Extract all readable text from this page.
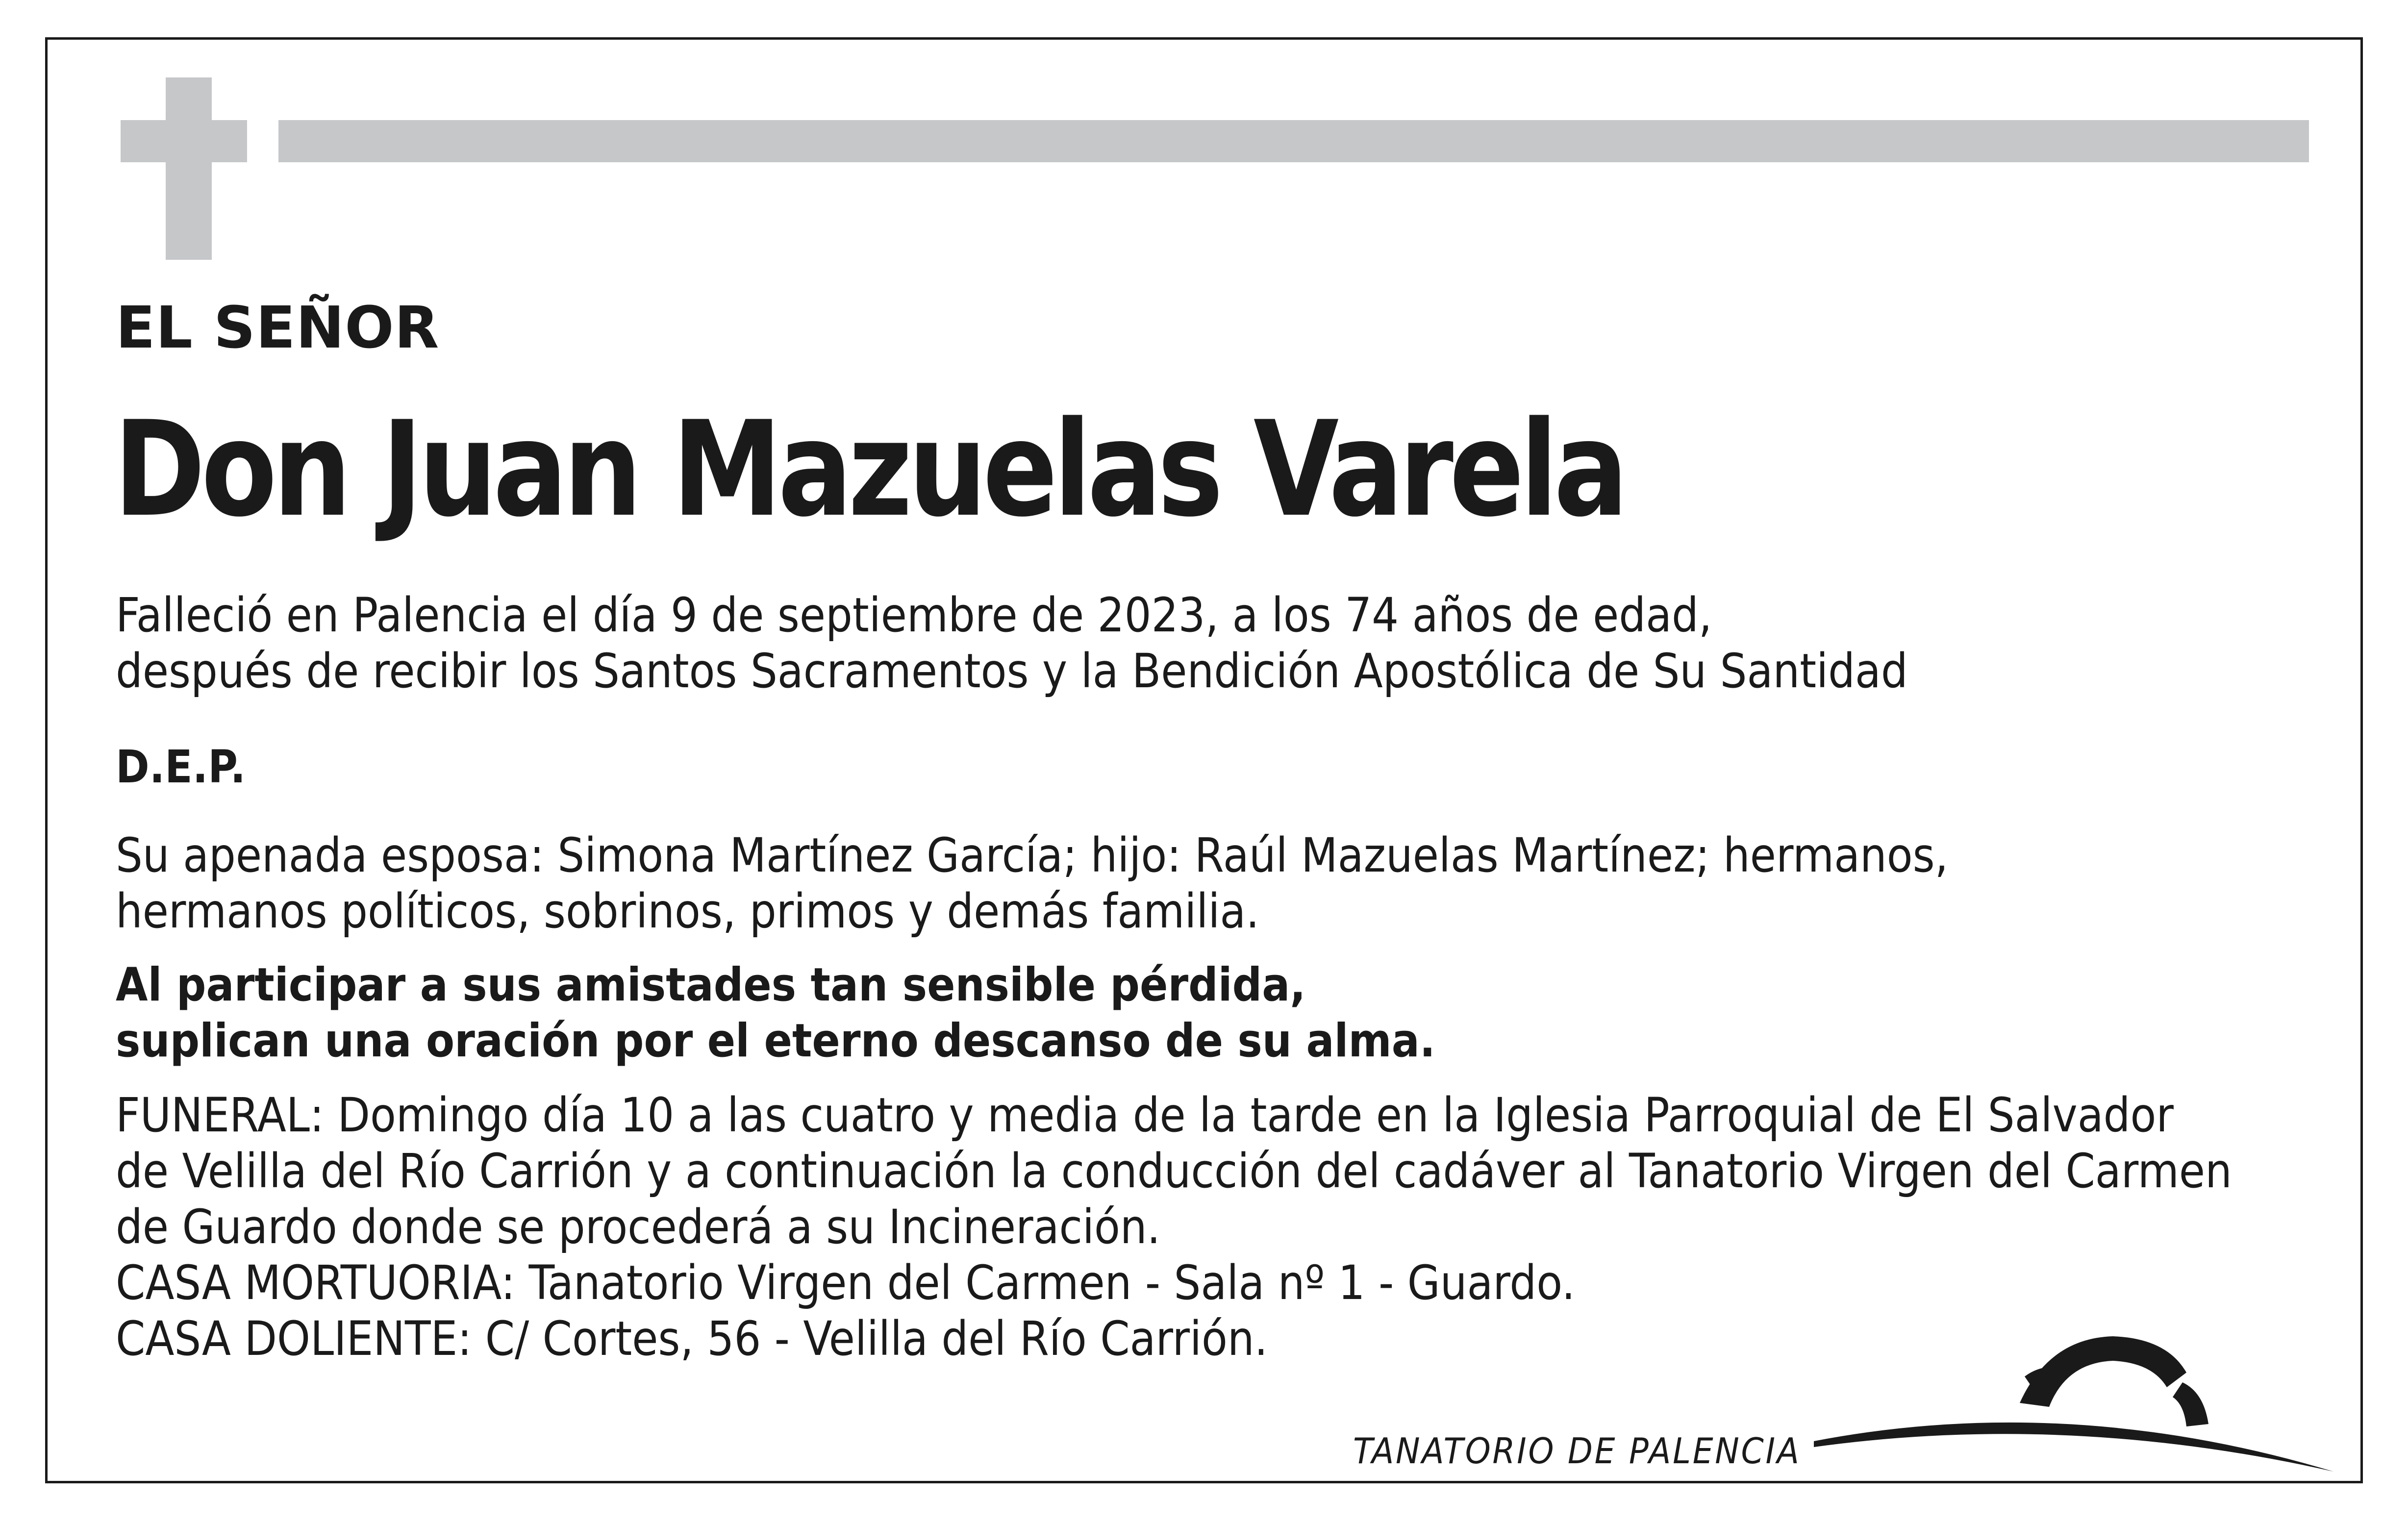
EL SEÑOR
Don Juan Mazuelas Varela
Falleció en Palencia el día 9 de septiembre de 2023, a los 74 años de edad,
después de recibir los Santos Sacramentos y la Bendición Apostólica de Su Santidad
D.E.P.
Su apenada esposa: Simona Martínez García; hijo: Raúl Mazuelas Martínez; hermanos,
hermanos políticos, sobrinos, primos y demás familia.
Al participar a sus amistades tan sensible pérdida,
suplican una oración por el eterno descanso de su alma.
FUNERAL: Domingo día 10 a las cuatro y media de la tarde en la Iglesia Parroquial de El Salvador
de Velilla del Río Carrión y a continuación la conducción del cadáver al Tanatorio Virgen del Carmen
de Guardo donde se procederá a su Incineración.
CASA MORTUORIA: Tanatorio Virgen del Carmen - Sala nº 1 - Guardo.
CASA DOLIENTE: C/ Cortes, 56 - Velilla del Río Carrión.
TANATORIO DE PALENCIA
